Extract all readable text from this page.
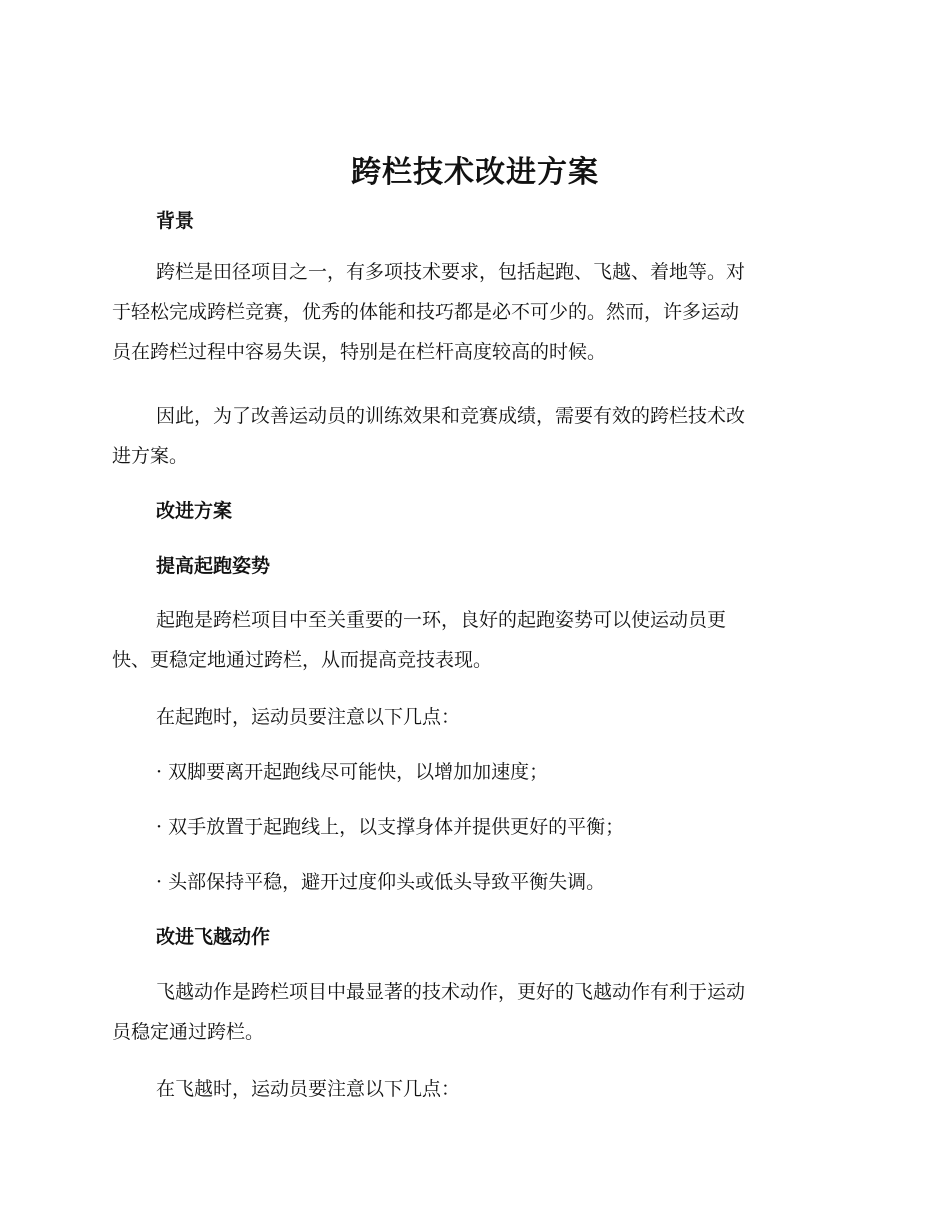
跨栏技术改进方案
背景

跨栏是田径项目之一，有多项技术要求，包括起跑、飞越、着地等。对
于轻松完成跨栏竞赛，优秀的体能和技巧都是必不可少的。然而，许多运动
员在跨栏过程中容易失误，特别是在栏杆高度较高的时候。

因此，为了改善运动员的训练效果和竞赛成绩，需要有效的跨栏技术改
进方案。

改进方案
提高起跑姿势

起跑是跨栏项目中至关重要的一环，良好的起跑姿势可以使运动员更
快、更稳定地通过跨栏，从而提高竞技表现。

在起跑时，运动员要注意以下几点：

· 双脚要离开起跑线尽可能快，以增加加速度；

· 双手放置于起跑线上，以支撑身体并提供更好的平衡；

· 头部保持平稳，避开过度仰头或低头导致平衡失调。

改进飞越动作

飞越动作是跨栏项目中最显著的技术动作，更好的飞越动作有利于运动
员稳定通过跨栏。

在飞越时，运动员要注意以下几点：
